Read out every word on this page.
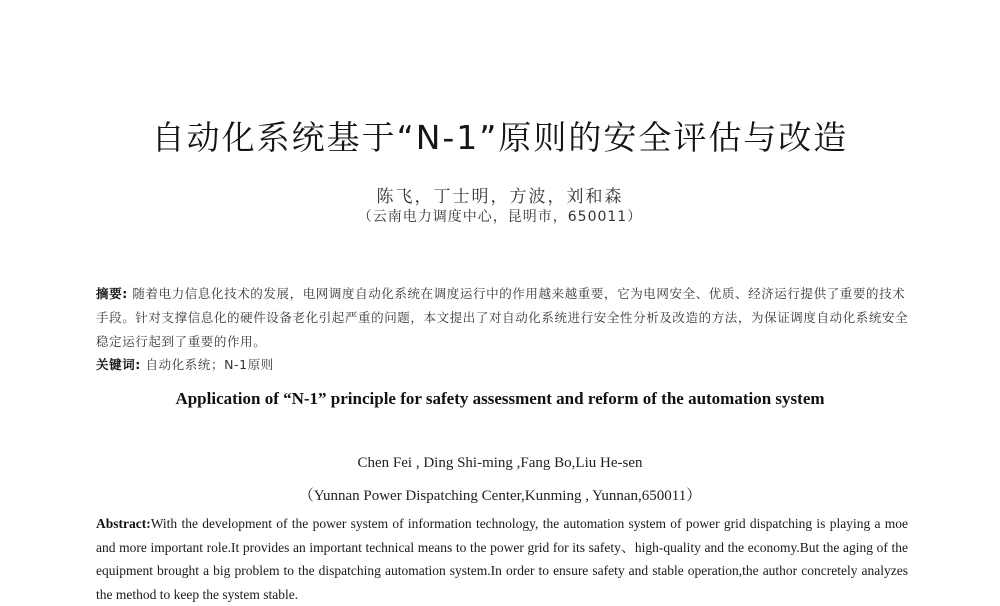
自动化系统基于“N-1”原则的安全评估与改造
陈飞，丁士明，方波，刘和森
（云南电力调度中心，昆明市，650011）
摘要: 随着电力信息化技术的发展，电网调度自动化系统在调度运行中的作用越来越重要，它为电网安全、优质、经济运行提供了重要的技术手段。针对支撑信息化的硬件设备老化引起严重的问题，本文提出了对自动化系统进行安全性分析及改造的方法，为保证调度自动化系统安全稳定运行起到了重要的作用。
关键词: 自动化系统；N-1原则
Application of “N-1” principle for safety assessment and reform of the automation system
Chen Fei , Ding Shi-ming ,Fang Bo,Liu He-sen
（Yunnan Power Dispatching Center,Kunming , Yunnan,650011）
Abstract:With the development of the power system of information technology, the automation system of power grid dispatching is playing a moe and more important role.It provides an important technical means to the power grid for its safety、high-quality and the economy.But the aging of the equipment brought a big problem to the dispatching automation system.In order to ensure safety and stable operation,the author concretely analyzes the method to keep the system stable.
